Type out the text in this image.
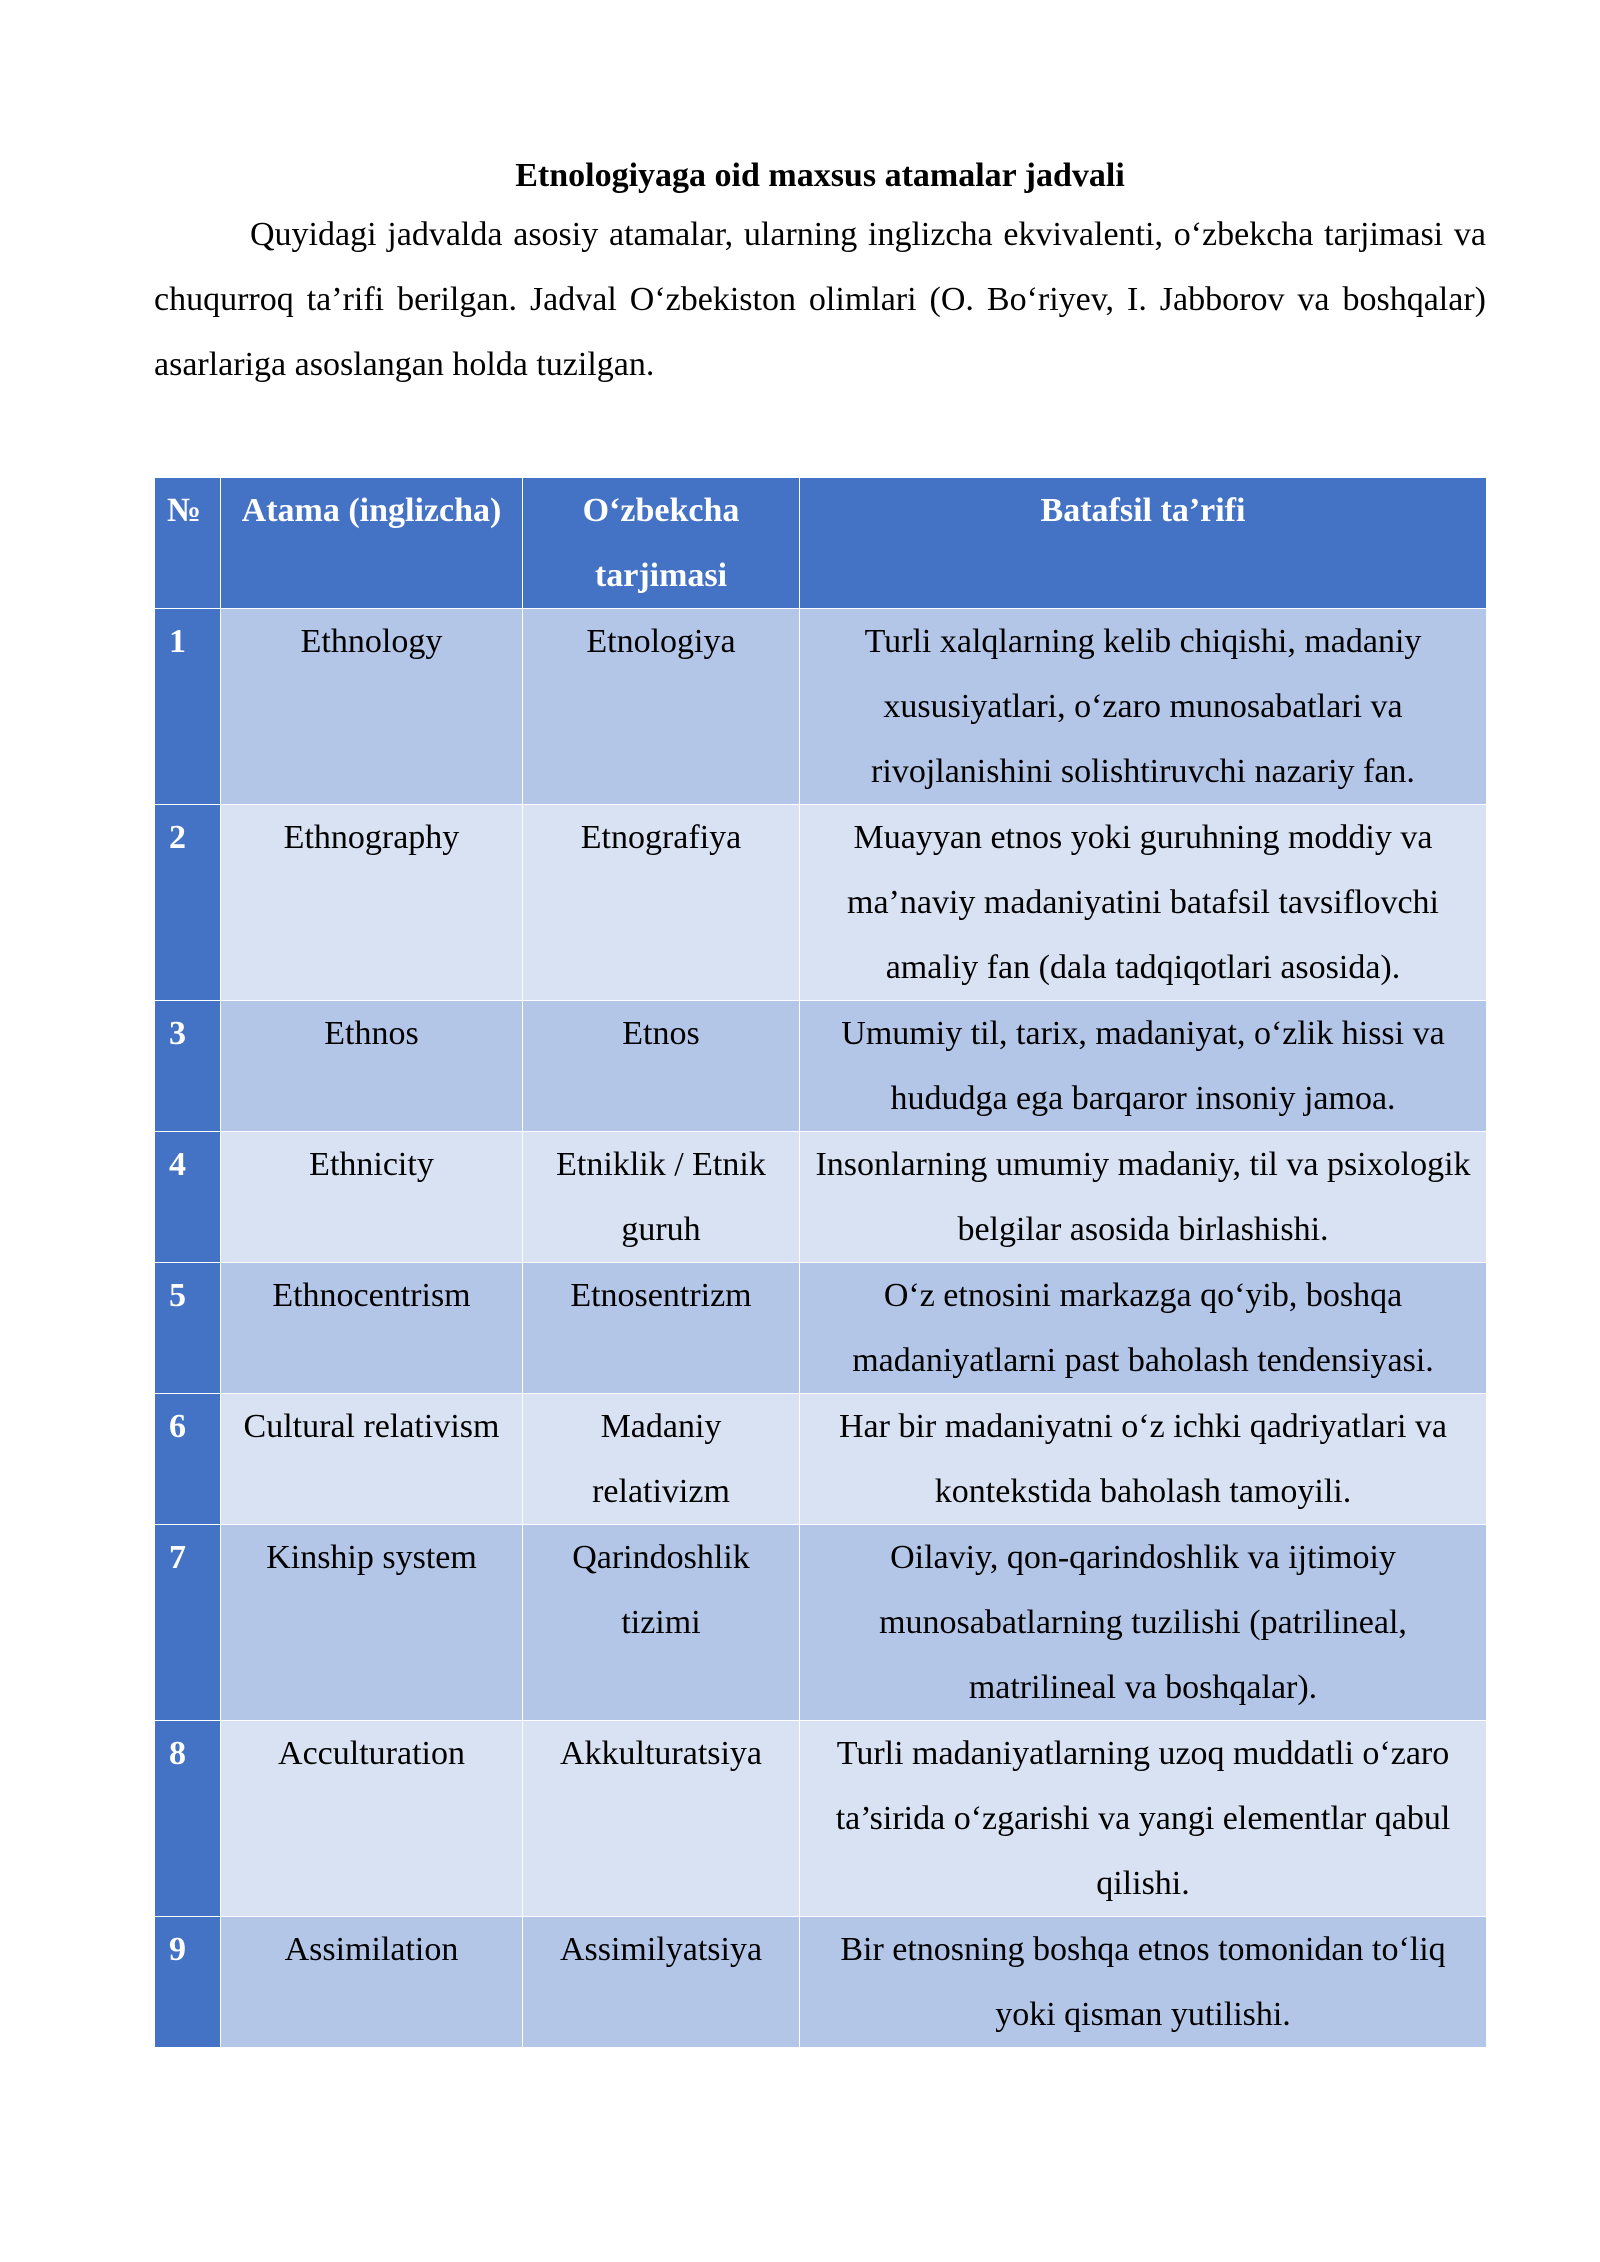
Etnologiyaga oid maxsus atamalar jadvali

Quyidagi jadvalda asosiy atamalar, ularning inglizcha ekvivalenti, o‘zbekcha tarjimasi va chuqurroq ta’rifi berilgan. Jadval O‘zbekiston olimlari (O. Bo‘riyev, I. Jabborov va boshqalar) asarlariga asoslangan holda tuzilgan.

№	Atama (inglizcha)	O‘zbekcha tarjimasi	Batafsil ta’rifi
1	Ethnology	Etnologiya	Turli xalqlarning kelib chiqishi, madaniy xususiyatlari, o‘zaro munosabatlari va rivojlanishini solishtiruvchi nazariy fan.
2	Ethnography	Etnografiya	Muayyan etnos yoki guruhning moddiy va ma’naviy madaniyatini batafsil tavsiflovchi amaliy fan (dala tadqiqotlari asosida).
3	Ethnos	Etnos	Umumiy til, tarix, madaniyat, o‘zlik hissi va hududga ega barqaror insoniy jamoa.
4	Ethnicity	Etniklik / Etnik guruh	Insonlarning umumiy madaniy, til va psixologik belgilar asosida birlashishi.
5	Ethnocentrism	Etnosentrizm	O‘z etnosini markazga qo‘yib, boshqa madaniyatlarni past baholash tendensiyasi.
6	Cultural relativism	Madaniy relativizm	Har bir madaniyatni o‘z ichki qadriyatlari va kontekstida baholash tamoyili.
7	Kinship system	Qarindoshlik tizimi	Oilaviy, qon-qarindoshlik va ijtimoiy munosabatlarning tuzilishi (patrilineal, matrilineal va boshqalar).
8	Acculturation	Akkulturatsiya	Turli madaniyatlarning uzoq muddatli o‘zaro ta’sirida o‘zgarishi va yangi elementlar qabul qilishi.
9	Assimilation	Assimilyatsiya	Bir etnosning boshqa etnos tomonidan to‘liq yoki qisman yutilishi.
